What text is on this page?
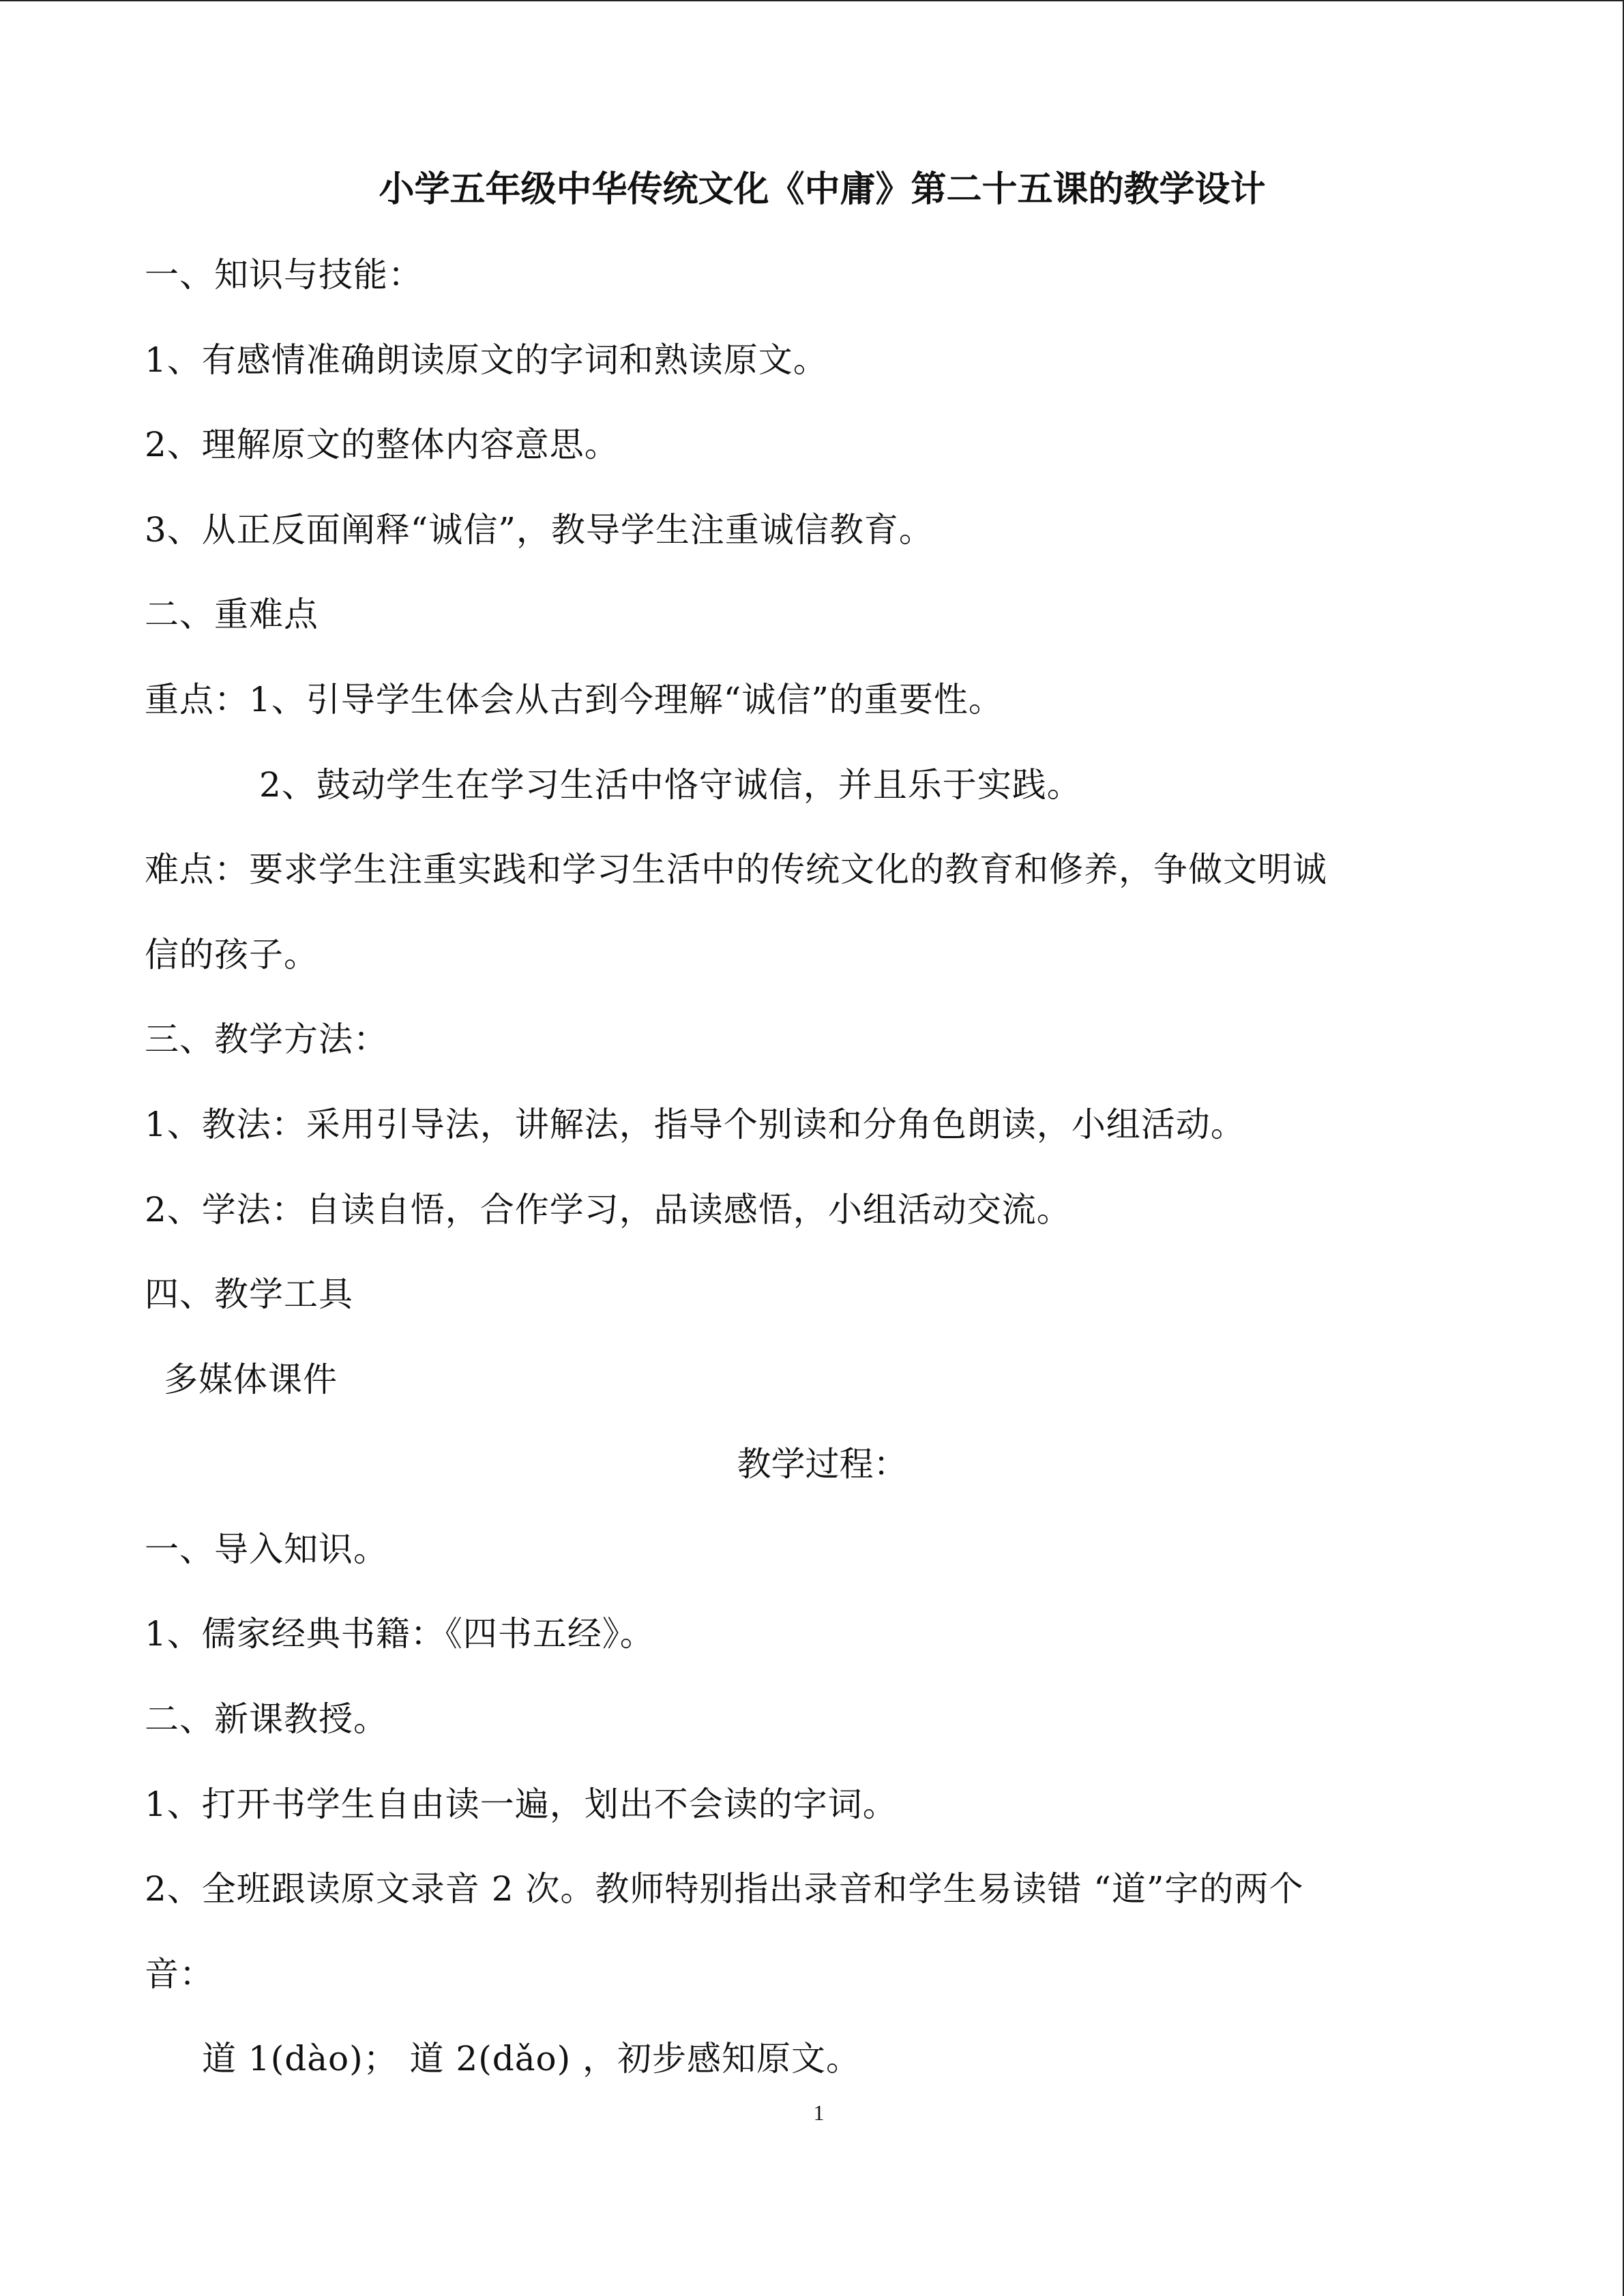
小学五年级中华传统文化《中庸》第二十五课的教学设计
一、知识与技能：
1、有感情准确朗读原文的字词和熟读原文。
2、理解原文的整体内容意思。
3、从正反面阐释“诚信”，教导学生注重诚信教育。
二、重难点
重点：1、引导学生体会从古到今理解“诚信”的重要性。
2、鼓动学生在学习生活中恪守诚信，并且乐于实践。
难点：要求学生注重实践和学习生活中的传统文化的教育和修养，争做文明诚
信的孩子。
三、教学方法：
1、教法：采用引导法，讲解法，指导个别读和分角色朗读，小组活动。
2、学法：自读自悟，合作学习，品读感悟，小组活动交流。
四、教学工具
多媒体课件
教学过程：
一、导入知识。
1、儒家经典书籍：《四书五经》。
二、新课教授。
1、打开书学生自由读一遍，划出不会读的字词。
2、全班跟读原文录音 2 次。教师特别指出录音和学生易读错 “道”字的两个
音：
道 1(dào)； 道 2(dǎo) ，初步感知原文。
1
